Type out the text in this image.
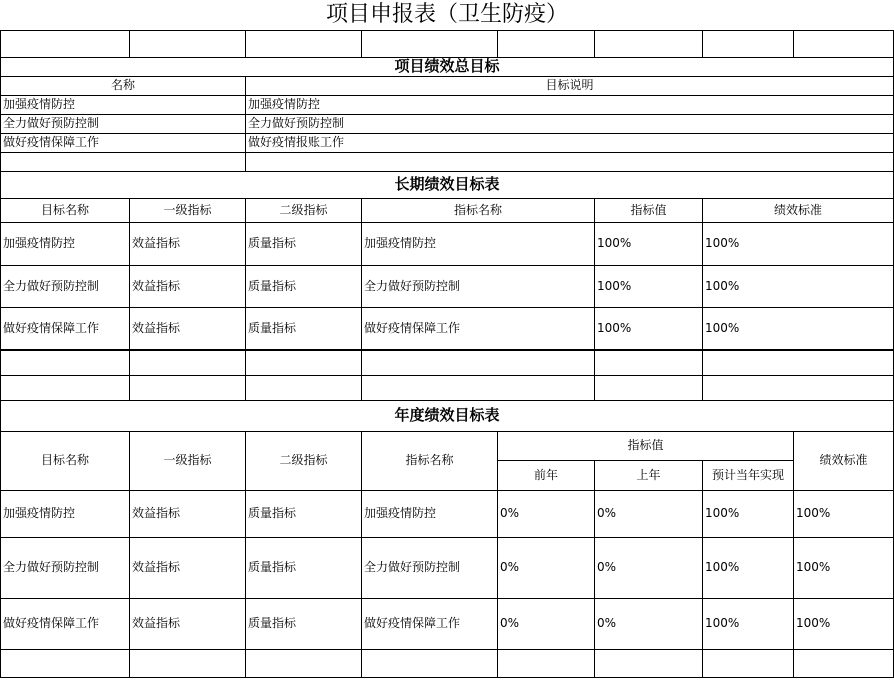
项目申报表（卫生防疫）							

项目绩效总目标							
名称		目标说明					
加强疫情防控		加强疫情防控					
全力做好预防控制		全力做好预防控制					
做好疫情保障工作		做好疫情报账工作					

长期绩效目标表							
目标名称	一级指标	二级指标	指标名称		指标值	绩效标准	
加强疫情防控	效益指标	质量指标	加强疫情防控		100%	100%	
全力做好预防控制	效益指标	质量指标	全力做好预防控制		100%	100%	
做好疫情保障工作	效益指标	质量指标	做好疫情保障工作		100%	100%	

年度绩效目标表							
目标名称	一级指标	二级指标	指标名称	指标值			绩效标准
				前年	上年	预计当年实现	
加强疫情防控	效益指标	质量指标	加强疫情防控	0%	0%	100%	100%
全力做好预防控制	效益指标	质量指标	全力做好预防控制	0%	0%	100%	100%
做好疫情保障工作	效益指标	质量指标	做好疫情保障工作	0%	0%	100%	100%
